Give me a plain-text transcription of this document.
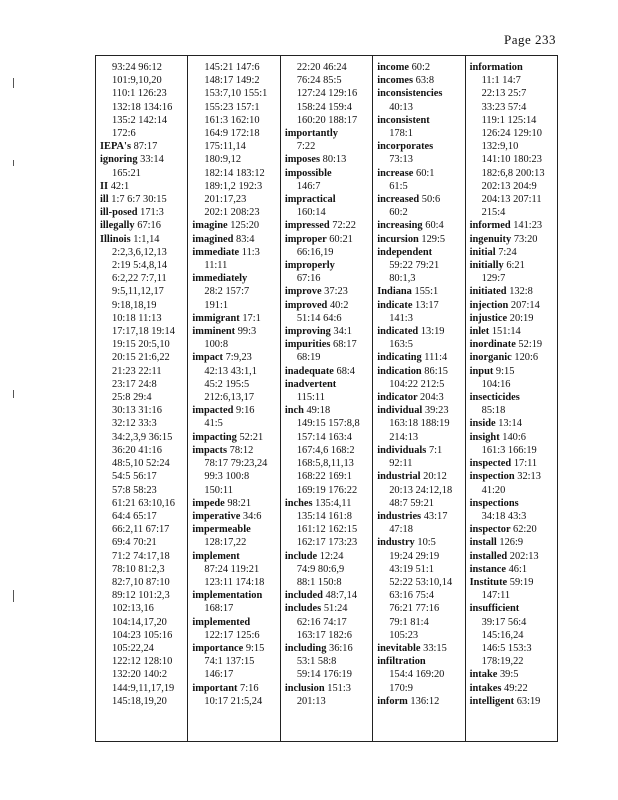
Page 233
93:24 96:12
101:9,10,20
110:1 126:23
132:18 134:16
135:2 142:14
172:6
IEPA's 87:17
ignoring 33:14
165:21
II 42:1
ill 1:7 6:7 30:15
ill-posed 171:3
illegally 67:16
Illinois 1:1,14
2:2,3,6,12,13
2:19 5:4,8,14
6:2,22 7:7,11
9:5,11,12,17
9:18,18,19
10:18 11:13
17:17,18 19:14
19:15 20:5,10
20:15 21:6,22
21:23 22:11
23:17 24:8
25:8 29:4
30:13 31:16
32:12 33:3
34:2,3,9 36:15
36:20 41:16
48:5,10 52:24
54:5 56:17
57:8 58:23
61:21 63:10,16
64:4 65:17
66:2,11 67:17
69:4 70:21
71:2 74:17,18
78:10 81:2,3
82:7,10 87:10
89:12 101:2,3
102:13,16
104:14,17,20
104:23 105:16
105:22,24
122:12 128:10
132:20 140:2
144:9,11,17,19
145:18,19,20
145:21 147:6
148:17 149:2
153:7,10 155:1
155:23 157:1
161:3 162:10
164:9 172:18
175:11,14
180:9,12
182:14 183:12
189:1,2 192:3
201:17,23
202:1 208:23
imagine 125:20
imagined 83:4
immediate 11:3
11:11
immediately
28:2 157:7
191:1
immigrant 17:1
imminent 99:3
100:8
impact 7:9,23
42:13 43:1,1
45:2 195:5
212:6,13,17
impacted 9:16
41:5
impacting 52:21
impacts 78:12
78:17 79:23,24
99:3 100:8
150:11
impede 98:21
imperative 34:6
impermeable
128:17,22
implement
87:24 119:21
123:11 174:18
implementation
168:17
implemented
122:17 125:6
importance 9:15
74:1 137:15
146:17
important 7:16
10:17 21:5,24
22:20 46:24
76:24 85:5
127:24 129:16
158:24 159:4
160:20 188:17
importantly
7:22
imposes 80:13
impossible
146:7
impractical
160:14
impressed 72:22
improper 60:21
66:16,19
improperly
67:16
improve 37:23
improved 40:2
51:14 64:6
improving 34:1
impurities 68:17
68:19
inadequate 68:4
inadvertent
115:11
inch 49:18
149:15 157:8,8
157:14 163:4
167:4,6 168:2
168:5,8,11,13
168:22 169:1
169:19 176:22
inches 135:4,11
135:14 161:8
161:12 162:15
162:17 173:23
include 12:24
74:9 80:6,9
88:1 150:8
included 48:7,14
includes 51:24
62:16 74:17
163:17 182:6
including 36:16
53:1 58:8
59:14 176:19
inclusion 151:3
201:13
income 60:2
incomes 63:8
inconsistencies
40:13
inconsistent
178:1
incorporates
73:13
increase 60:1
61:5
increased 50:6
60:2
increasing 60:4
incursion 129:5
independent
59:22 79:21
80:1,3
Indiana 155:1
indicate 13:17
141:3
indicated 13:19
163:5
indicating 111:4
indication 86:15
104:22 212:5
indicator 204:3
individual 39:23
163:18 188:19
214:13
individuals 7:1
92:11
industrial 20:12
20:13 24:12,18
48:7 59:21
industries 43:17
47:18
industry 10:5
19:24 29:19
43:19 51:1
52:22 53:10,14
63:16 75:4
76:21 77:16
79:1 81:4
105:23
inevitable 33:15
infiltration
154:4 169:20
170:9
inform 136:12
information
11:1 14:7
22:13 25:7
33:23 57:4
119:1 125:14
126:24 129:10
132:9,10
141:10 180:23
182:6,8 200:13
202:13 204:9
204:13 207:11
215:4
informed 141:23
ingenuity 73:20
initial 7:24
initially 6:21
129:7
initiated 132:8
injection 207:14
injustice 20:19
inlet 151:14
inordinate 52:19
inorganic 120:6
input 9:15
104:16
insecticides
85:18
inside 13:14
insight 140:6
161:3 166:19
inspected 17:11
inspection 32:13
41:20
inspections
34:18 43:3
inspector 62:20
install 126:9
installed 202:13
instance 46:1
Institute 59:19
147:11
insufficient
39:17 56:4
145:16,24
146:5 153:3
178:19,22
intake 39:5
intakes 49:22
intelligent 63:19
